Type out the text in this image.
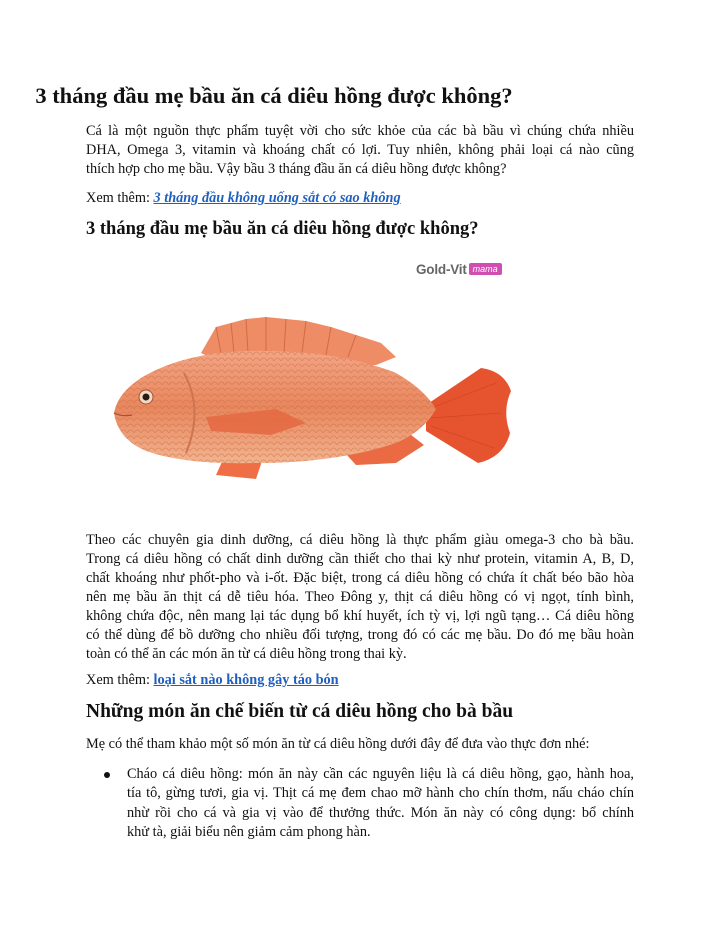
3 tháng đầu mẹ bầu ăn cá diêu hồng được không?

Cá là một nguồn thực phẩm tuyệt vời cho sức khỏe của các bà bầu vì chúng chứa nhiều
DHA, Omega 3, vitamin và khoáng chất có lợi. Tuy nhiên, không phải loại cá nào cũng
thích hợp cho mẹ bầu. Vậy bầu 3 tháng đầu ăn cá diêu hồng được không?

Xem thêm: 3 tháng đầu không uống sắt có sao không

3 tháng đầu mẹ bầu ăn cá diêu hồng được không?
Gold-Vit mama

Theo các chuyên gia dinh dưỡng, cá diêu hồng là thực phẩm giàu omega-3 cho bà bầu.
Trong cá diêu hồng có chất dinh dưỡng cần thiết cho thai kỳ như protein, vitamin A, B, D,
chất khoáng như phốt-pho và i-ốt. Đặc biệt, trong cá diêu hồng có chứa ít chất béo bão hòa
nên mẹ bầu ăn thịt cá dễ tiêu hóa. Theo Đông y, thịt cá diêu hồng có vị ngọt, tính bình,
không chứa độc, nên mang lại tác dụng bổ khí huyết, ích tỳ vị, lợi ngũ tạng… Cá diêu hồng
có thể dùng để bồ dưỡng cho nhiều đối tượng, trong đó có các mẹ bầu. Do đó mẹ bầu hoàn
toàn có thể ăn các món ăn từ cá diêu hồng trong thai kỳ.

Xem thêm: loại sắt nào không gây táo bón

Những món ăn chế biến từ cá diêu hồng cho bà bầu

Mẹ có thể tham khảo một số món ăn từ cá diêu hồng dưới đây để đưa vào thực đơn nhé:

Cháo cá diêu hồng: món ăn này cần các nguyên liệu là cá diêu hồng, gạo, hành hoa,
tía tô, gừng tươi, gia vị. Thịt cá mẹ đem chao mỡ hành cho chín thơm, nấu cháo chín
nhừ rồi cho cá và gia vị vào để thưởng thức. Món ăn này có công dụng: bổ chính
khử tà, giải biểu nên giảm cảm phong hàn.
